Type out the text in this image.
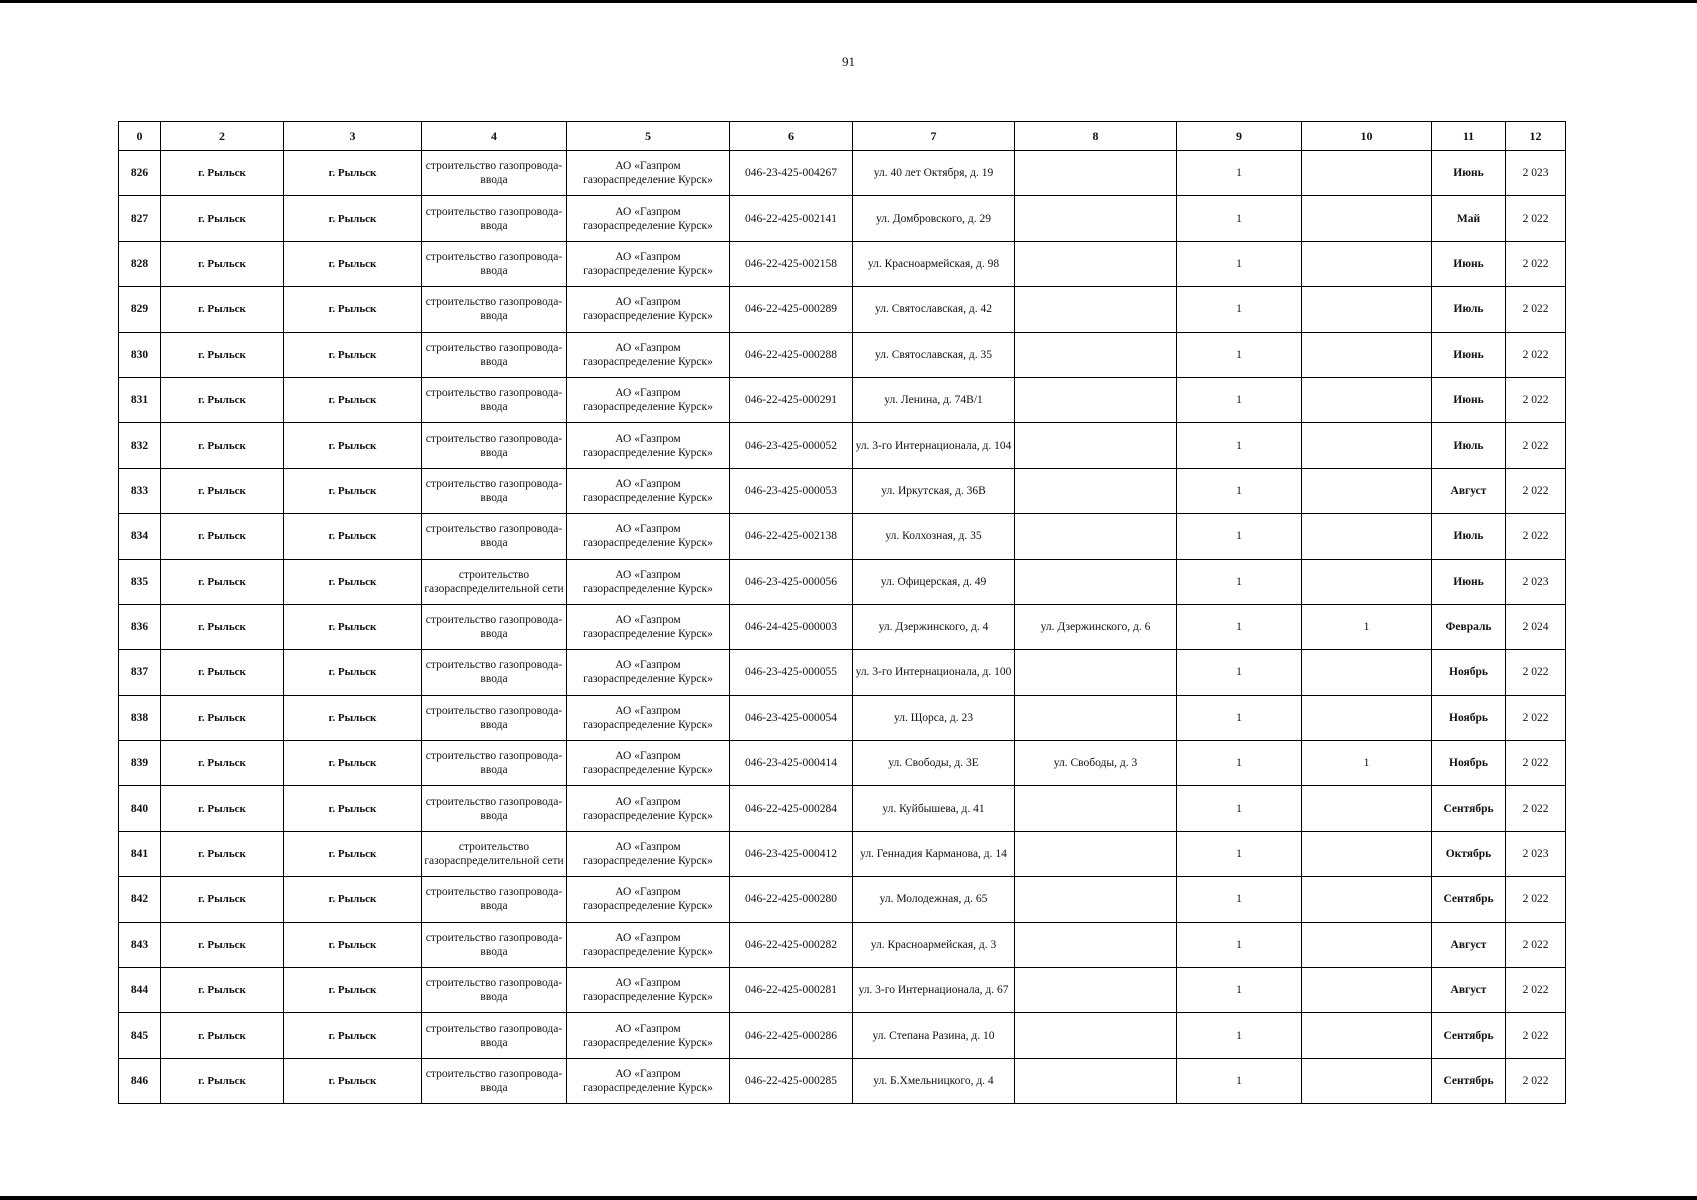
91
0	2	3	4	5	6	7	8	9	10	11	12
826	г. Рыльск	г. Рыльск	строительство газопровода-ввода	АО «Газпром газораспределение Курск»	046-23-425-004267	ул. 40 лет Октября, д. 19		1		Июнь	2 023
827	г. Рыльск	г. Рыльск	строительство газопровода-ввода	АО «Газпром газораспределение Курск»	046-22-425-002141	ул. Домбровского, д. 29		1		Май	2 022
828	г. Рыльск	г. Рыльск	строительство газопровода-ввода	АО «Газпром газораспределение Курск»	046-22-425-002158	ул. Красноармейская, д. 98		1		Июнь	2 022
829	г. Рыльск	г. Рыльск	строительство газопровода-ввода	АО «Газпром газораспределение Курск»	046-22-425-000289	ул. Святославская, д. 42		1		Июль	2 022
830	г. Рыльск	г. Рыльск	строительство газопровода-ввода	АО «Газпром газораспределение Курск»	046-22-425-000288	ул. Святославская, д. 35		1		Июнь	2 022
831	г. Рыльск	г. Рыльск	строительство газопровода-ввода	АО «Газпром газораспределение Курск»	046-22-425-000291	ул. Ленина, д. 74В/1		1		Июнь	2 022
832	г. Рыльск	г. Рыльск	строительство газопровода-ввода	АО «Газпром газораспределение Курск»	046-23-425-000052	ул. 3-го Интернационала, д. 104		1		Июль	2 022
833	г. Рыльск	г. Рыльск	строительство газопровода-ввода	АО «Газпром газораспределение Курск»	046-23-425-000053	ул. Иркутская, д. 36В		1		Август	2 022
834	г. Рыльск	г. Рыльск	строительство газопровода-ввода	АО «Газпром газораспределение Курск»	046-22-425-002138	ул. Колхозная, д. 35		1		Июль	2 022
835	г. Рыльск	г. Рыльск	строительство газораспределительной сети	АО «Газпром газораспределение Курск»	046-23-425-000056	ул. Офицерская, д. 49		1		Июнь	2 023
836	г. Рыльск	г. Рыльск	строительство газопровода-ввода	АО «Газпром газораспределение Курск»	046-24-425-000003	ул. Дзержинского, д. 4	ул. Дзержинского, д. 6	1	1	Февраль	2 024
837	г. Рыльск	г. Рыльск	строительство газопровода-ввода	АО «Газпром газораспределение Курск»	046-23-425-000055	ул. 3-го Интернационала, д. 100		1		Ноябрь	2 022
838	г. Рыльск	г. Рыльск	строительство газопровода-ввода	АО «Газпром газораспределение Курск»	046-23-425-000054	ул. Щорса, д. 23		1		Ноябрь	2 022
839	г. Рыльск	г. Рыльск	строительство газопровода-ввода	АО «Газпром газораспределение Курск»	046-23-425-000414	ул. Свободы, д. 3Е	ул. Свободы, д. 3	1	1	Ноябрь	2 022
840	г. Рыльск	г. Рыльск	строительство газопровода-ввода	АО «Газпром газораспределение Курск»	046-22-425-000284	ул. Куйбышева, д. 41		1		Сентябрь	2 022
841	г. Рыльск	г. Рыльск	строительство газораспределительной сети	АО «Газпром газораспределение Курск»	046-23-425-000412	ул. Геннадия Карманова, д. 14		1		Октябрь	2 023
842	г. Рыльск	г. Рыльск	строительство газопровода-ввода	АО «Газпром газораспределение Курск»	046-22-425-000280	ул. Молодежная, д. 65		1		Сентябрь	2 022
843	г. Рыльск	г. Рыльск	строительство газопровода-ввода	АО «Газпром газораспределение Курск»	046-22-425-000282	ул. Красноармейская, д. 3		1		Август	2 022
844	г. Рыльск	г. Рыльск	строительство газопровода-ввода	АО «Газпром газораспределение Курск»	046-22-425-000281	ул. 3-го Интернационала, д. 67		1		Август	2 022
845	г. Рыльск	г. Рыльск	строительство газопровода-ввода	АО «Газпром газораспределение Курск»	046-22-425-000286	ул. Степана Разина, д. 10		1		Сентябрь	2 022
846	г. Рыльск	г. Рыльск	строительство газопровода-ввода	АО «Газпром газораспределение Курск»	046-22-425-000285	ул. Б.Хмельницкого, д. 4		1		Сентябрь	2 022
